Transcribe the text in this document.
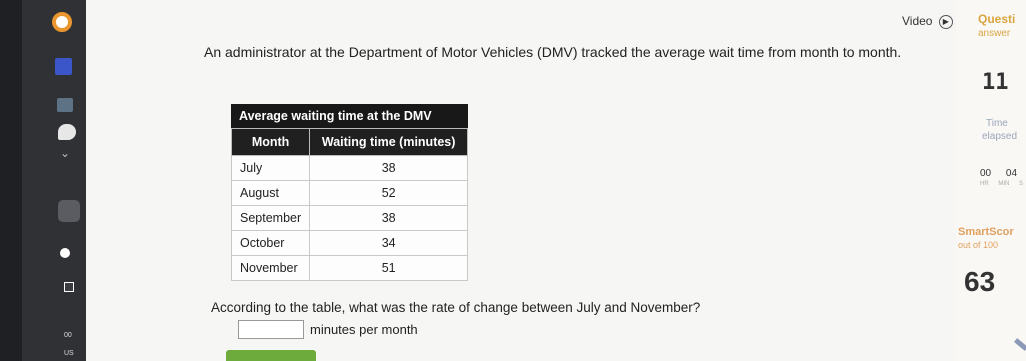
⌄
00
US
Video ▶

An administrator at the Department of Motor Vehicles (DMV) tracked the average wait time from month to month.

Average waiting time at the DMV
Month	Waiting time (minutes)
July	38
August	52
September	38
October	34
November	51

According to the table, what was the rate of change between July and November?

minutes per month
Questi
answer
11
Time
elapsed
00 04
HR MIN S
SmartScor
out of 100
63
